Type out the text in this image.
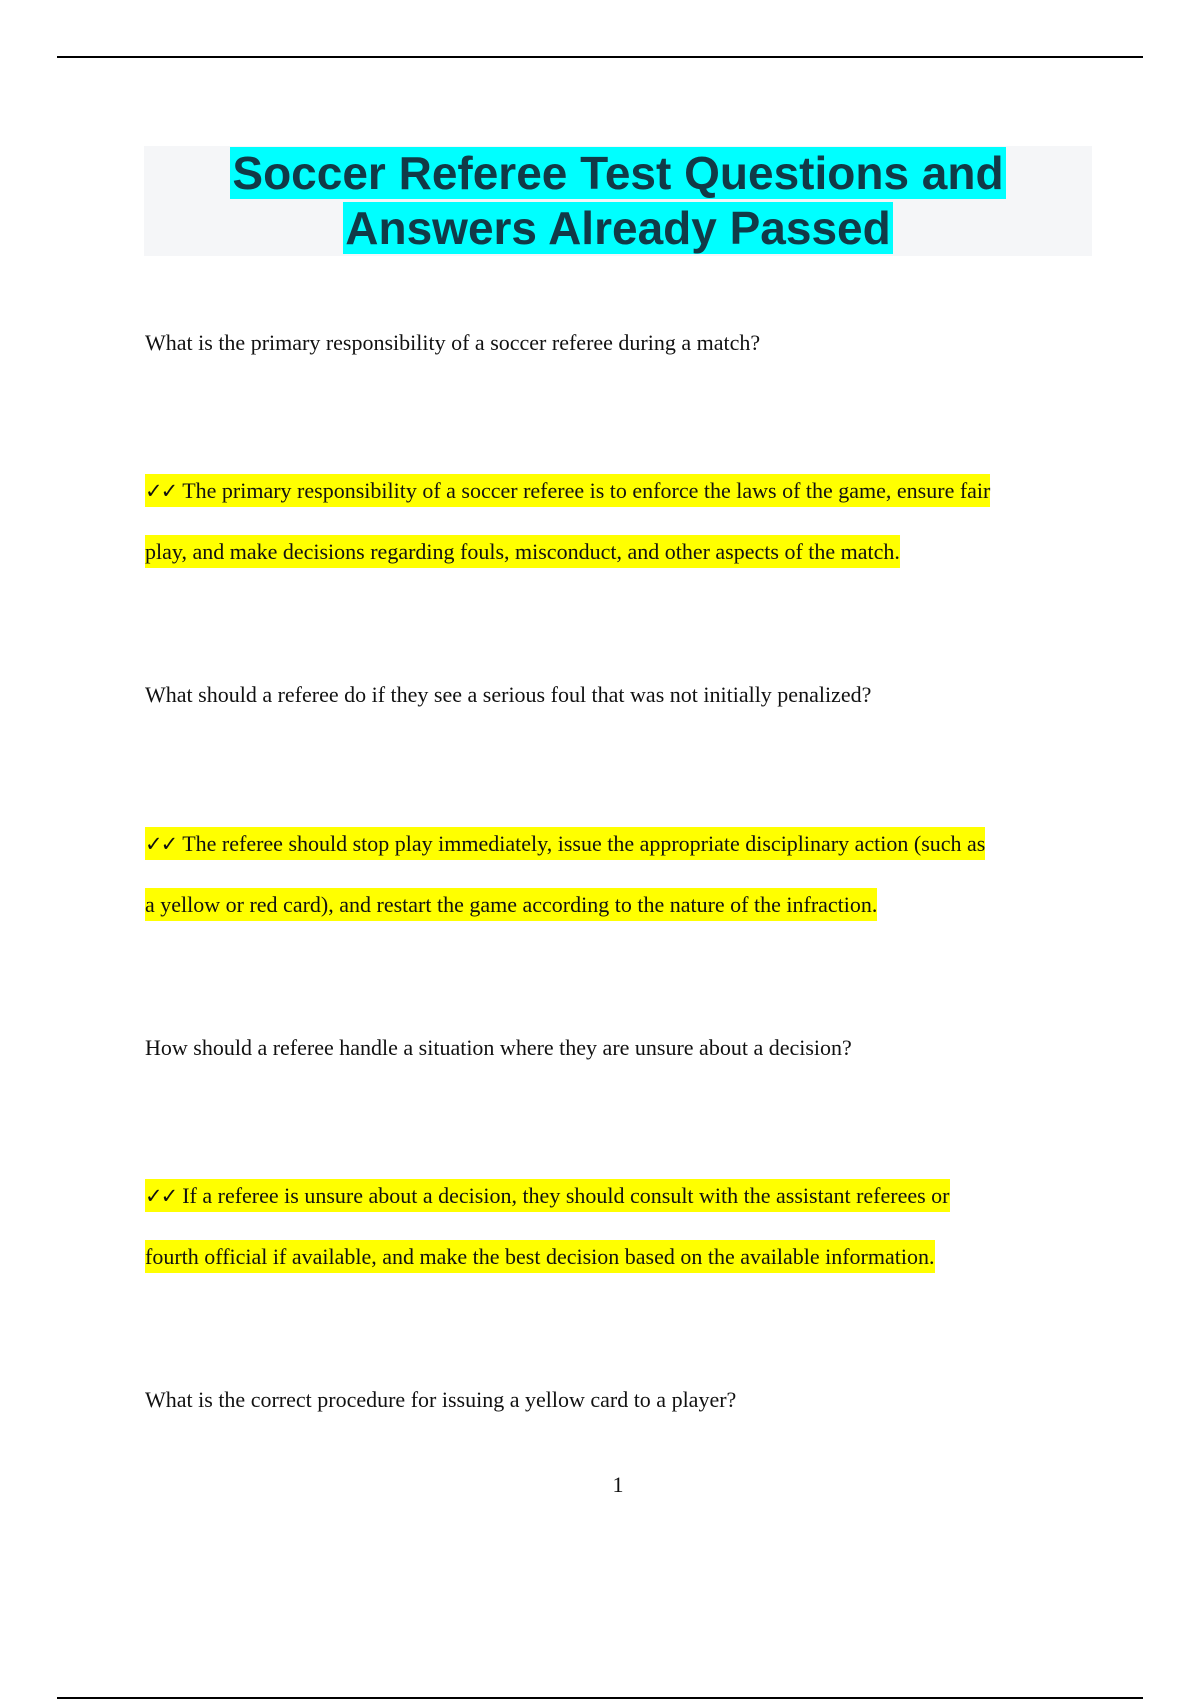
Soccer Referee Test Questions and
Answers Already Passed

What is the primary responsibility of a soccer referee during a match?

✓✓ The primary responsibility of a soccer referee is to enforce the laws of the game, ensure fair
play, and make decisions regarding fouls, misconduct, and other aspects of the match.

What should a referee do if they see a serious foul that was not initially penalized?

✓✓ The referee should stop play immediately, issue the appropriate disciplinary action (such as
a yellow or red card), and restart the game according to the nature of the infraction.

How should a referee handle a situation where they are unsure about a decision?

✓✓ If a referee is unsure about a decision, they should consult with the assistant referees or
fourth official if available, and make the best decision based on the available information.

What is the correct procedure for issuing a yellow card to a player?

1
